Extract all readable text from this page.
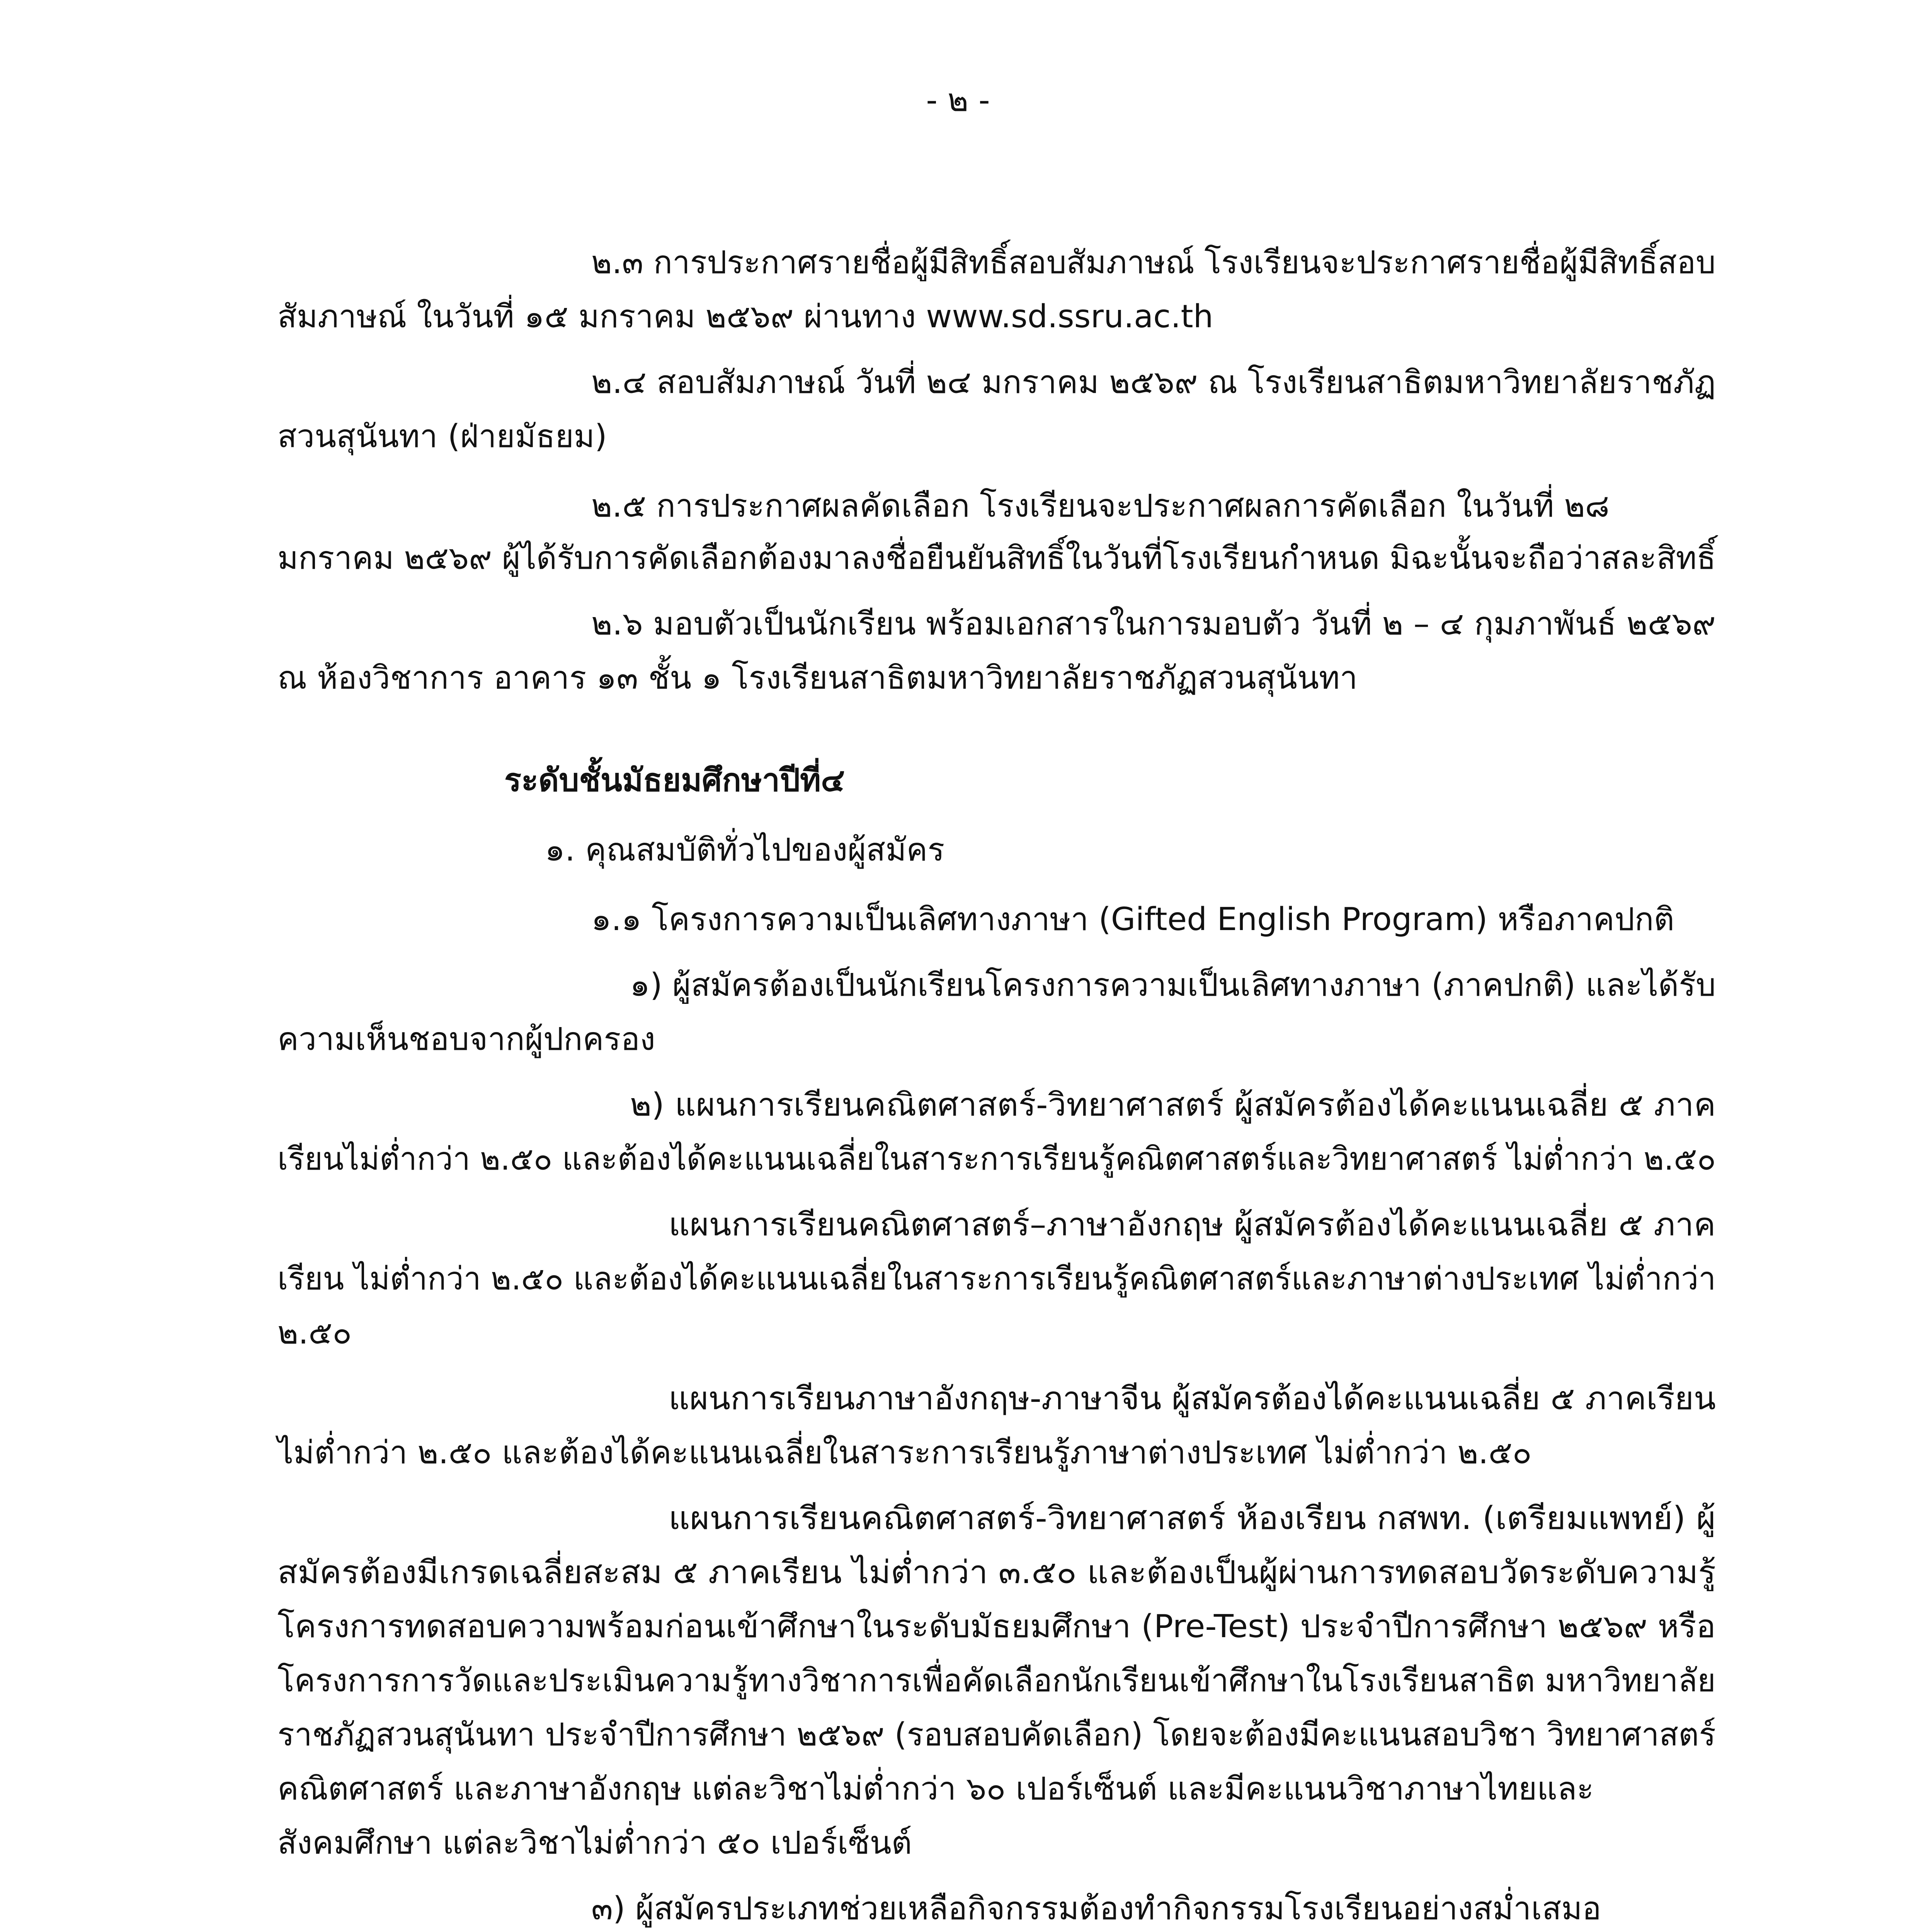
- ๒ -
๒.๓ การประกาศรายชื่อผู้มีสิทธิ์สอบสัมภาษณ์ โรงเรียนจะประกาศรายชื่อผู้มีสิทธิ์สอบ
สัมภาษณ์ ในวันที่ ๑๕ มกราคม ๒๕๖๙ ผ่านทาง www.sd.ssru.ac.th
๒.๔ สอบสัมภาษณ์ วันที่ ๒๔ มกราคม ๒๕๖๙ ณ โรงเรียนสาธิตมหาวิทยาลัยราชภัฏ
สวนสุนันทา (ฝ่ายมัธยม)
๒.๕ การประกาศผลคัดเลือก โรงเรียนจะประกาศผลการคัดเลือก ในวันที่ ๒๘
มกราคม ๒๕๖๙ ผู้ได้รับการคัดเลือกต้องมาลงชื่อยืนยันสิทธิ์ในวันที่โรงเรียนกำหนด มิฉะนั้นจะถือว่าสละสิทธิ์
๒.๖ มอบตัวเป็นนักเรียน พร้อมเอกสารในการมอบตัว วันที่ ๒ – ๔ กุมภาพันธ์ ๒๕๖๙
ณ ห้องวิชาการ อาคาร ๑๓ ชั้น ๑ โรงเรียนสาธิตมหาวิทยาลัยราชภัฏสวนสุนันทา
ระดับชั้นมัธยมศึกษาปีที่๔
๑. คุณสมบัติทั่วไปของผู้สมัคร
๑.๑ โครงการความเป็นเลิศทางภาษา (Gifted English Program) หรือภาคปกติ
๑) ผู้สมัครต้องเป็นนักเรียนโครงการความเป็นเลิศทางภาษา (ภาคปกติ) และได้รับ
ความเห็นชอบจากผู้ปกครอง
๒) แผนการเรียนคณิตศาสตร์-วิทยาศาสตร์ ผู้สมัครต้องได้คะแนนเฉลี่ย ๕ ภาค
เรียนไม่ต่ำกว่า ๒.๕๐ และต้องได้คะแนนเฉลี่ยในสาระการเรียนรู้คณิตศาสตร์และวิทยาศาสตร์ ไม่ต่ำกว่า ๒.๕๐
แผนการเรียนคณิตศาสตร์–ภาษาอังกฤษ ผู้สมัครต้องได้คะแนนเฉลี่ย ๕ ภาค
เรียน ไม่ต่ำกว่า ๒.๕๐ และต้องได้คะแนนเฉลี่ยในสาระการเรียนรู้คณิตศาสตร์และภาษาต่างประเทศ ไม่ต่ำกว่า
๒.๕๐
แผนการเรียนภาษาอังกฤษ-ภาษาจีน ผู้สมัครต้องได้คะแนนเฉลี่ย ๕ ภาคเรียน
ไม่ต่ำกว่า ๒.๕๐ และต้องได้คะแนนเฉลี่ยในสาระการเรียนรู้ภาษาต่างประเทศ ไม่ต่ำกว่า ๒.๕๐
แผนการเรียนคณิตศาสตร์-วิทยาศาสตร์ ห้องเรียน กสพท. (เตรียมแพทย์) ผู้
สมัครต้องมีเกรดเฉลี่ยสะสม ๕ ภาคเรียน ไม่ต่ำกว่า ๓.๕๐ และต้องเป็นผู้ผ่านการทดสอบวัดระดับความรู้
โครงการทดสอบความพร้อมก่อนเข้าศึกษาในระดับมัธยมศึกษา (Pre-Test) ประจำปีการศึกษา ๒๕๖๙ หรือ
โครงการการวัดและประเมินความรู้ทางวิชาการเพื่อคัดเลือกนักเรียนเข้าศึกษาในโรงเรียนสาธิต มหาวิทยาลัย
ราชภัฏสวนสุนันทา ประจำปีการศึกษา ๒๕๖๙ (รอบสอบคัดเลือก) โดยจะต้องมีคะแนนสอบวิชา วิทยาศาสตร์
คณิตศาสตร์ และภาษาอังกฤษ แต่ละวิชาไม่ต่ำกว่า ๖๐ เปอร์เซ็นต์ และมีคะแนนวิชาภาษาไทยและ
สังคมศึกษา แต่ละวิชาไม่ต่ำกว่า ๕๐ เปอร์เซ็นต์
๓) ผู้สมัครประเภทช่วยเหลือกิจกรรมต้องทำกิจกรรมโรงเรียนอย่างสม่ำเสมอ
